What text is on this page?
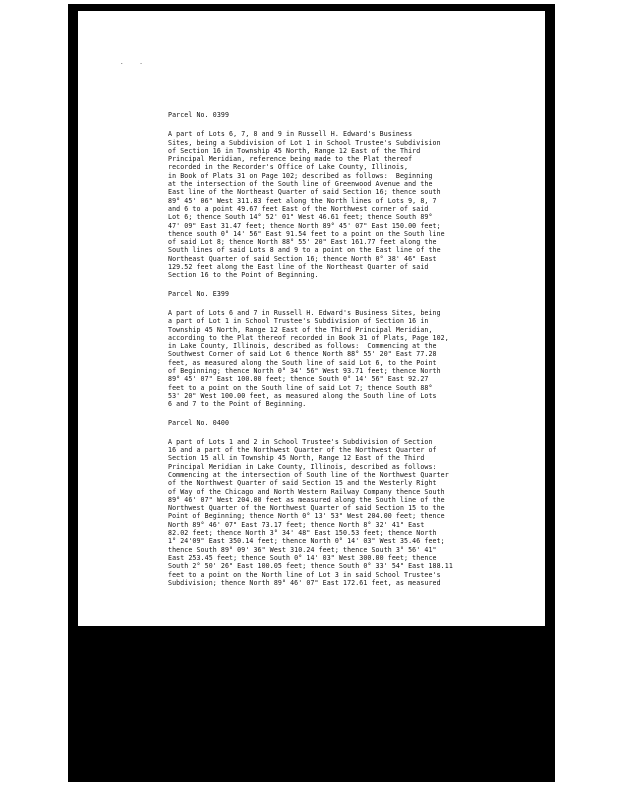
. .
Parcel No. 0399
A part of Lots 6, 7, 8 and 9 in Russell H. Edward's Business
Sites, being a Subdivision of Lot 1 in School Trustee's Subdivision
of Section 16 in Township 45 North, Range 12 East of the Third
Principal Meridian, reference being made to the Plat thereof
recorded in the Recorder's Office of Lake County, Illinois,
in Book of Plats 31 on Page 102; described as follows:  Beginning
at the intersection of the South line of Greenwood Avenue and the
East line of the Northeast Quarter of said Section 16; thence south
89° 45' 06" West 311.83 feet along the North lines of Lots 9, 8, 7
and 6 to a point 49.67 feet East of the Northwest corner of said
Lot 6; thence South 14° 52' 01" West 46.61 feet; thence South 89°
47' 09" East 31.47 feet; thence North 89° 45' 07" East 150.00 feet;
thence south 0° 14' 56" East 91.54 feet to a point on the South line
of said Lot 8; thence North 88° 55' 20" East 161.77 feet along the
South lines of said Lots 8 and 9 to a point on the East line of the
Northeast Quarter of said Section 16; thence North 0° 38' 46" East
129.52 feet along the East line of the Northeast Quarter of said
Section 16 to the Point of Beginning.
Parcel No. E399
A part of Lots 6 and 7 in Russell H. Edward's Business Sites, being
a part of Lot 1 in School Trustee's Subdivision of Section 16 in
Township 45 North, Range 12 East of the Third Principal Meridian,
according to the Plat thereof recorded in Book 31 of Plats, Page 102,
in Lake County, Illinois, described as follows:  Commencing at the
Southwest Corner of said Lot 6 thence North 88° 55' 20" East 77.28
feet, as measured along the South line of said Lot 6, to the Point
of Beginning; thence North 0° 34' 56" West 93.71 feet; thence North
89° 45' 07" East 100.00 feet; thence South 0° 14' 56" East 92.27
feet to a point on the South line of said Lot 7; thence South 88°
53' 20" West 100.00 feet, as measured along the South line of Lots
6 and 7 to the Point of Beginning.
Parcel No. 0400
A part of Lots 1 and 2 in School Trustee's Subdivision of Section
16 and a part of the Northwest Quarter of the Northwest Quarter of
Section 15 all in Township 45 North, Range 12 East of the Third
Principal Meridian in Lake County, Illinois, described as follows:
Commencing at the intersection of South line of the Northwest Quarter
of the Northwest Quarter of said Section 15 and the Westerly Right
of Way of the Chicago and North Western Railway Company thence South
89° 46' 07" West 204.00 feet as measured along the South line of the
Northwest Quarter of the Northwest Quarter of said Section 15 to the
Point of Beginning; thence North 0° 13' 53" West 204.00 feet; thence
North 89° 46' 07" East 73.17 feet; thence North 8° 32' 41" East
82.02 feet; thence North 3° 34' 48" East 150.53 feet; thence North
1° 24'09" East 350.14 feet; thence North 0° 14' 03" West 35.46 feet;
thence South 89° 09' 36" West 310.24 feet; thence South 3° 56' 41"
East 253.45 feet; thence South 0° 14' 03" West 300.00 feet; thence
South 2° 50' 26" East 100.05 feet; thence South 0° 33' 54" East 188.11
feet to a point on the North line of Lot 3 in said School Trustee's
Subdivision; thence North 89° 46' 07" East 172.61 feet, as measured
